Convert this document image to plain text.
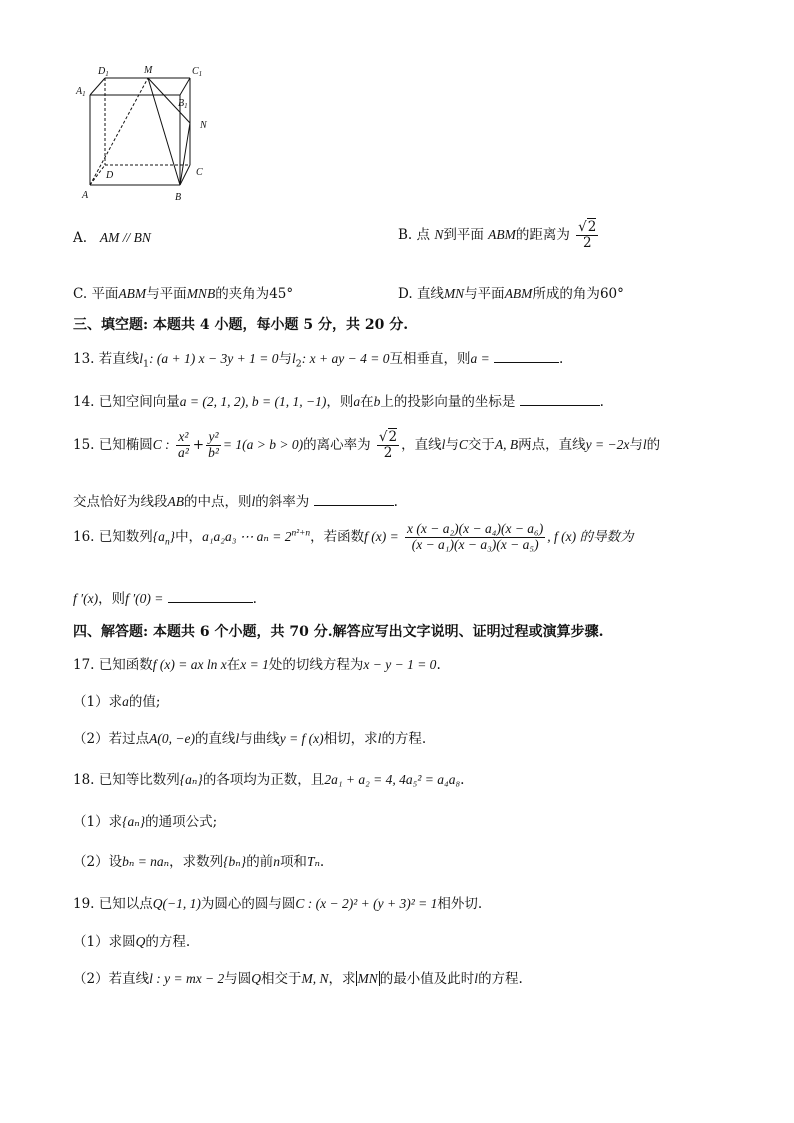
$D_1$	M	$C_1$
$A_1$
$B_1$
N
D	C
A	B
A. AM // BN	B. 点 N到平面 ABM的距离为 $\frac{√2}{2}$
C. 平面ABM与平面MNB的夹角为45°	D. 直线MN与平面ABM所成的角为60°
三、填空题: 本题共 4 小题，每小题 5 分，共 20 分.
13. 若直线$l_1$: (a + 1) x − 3y + 1 = 0与$l_2$: x + ay − 4 = 0互相垂直，则a =	.
14. 已知空间向量a = (2, 1, 2), b = (1, 1, −1)，则a在b上的投影向量的坐标是	.
15. 已知椭圆C : $\frac{\text{x²}}{\text{a²}} + \frac{\text{y²}}{\text{b²}} = 1(a > b > 0)$的离心率为 $\frac{√2}{2}$ ，直线l与C交于A, B两点，直线y = −2x与l的
交点恰好为线段AB的中点，则l的斜率为	.
16. 已知数列$\{a_n\}$中，a₁a₂a₃ ⋯ $a_n = 2^{n^2+n}$，若函数f $(x) = \frac{\text{x (x − a₂)(x − a₄)(x − a₆)}}{\text{(x − a₁)(x − a₃)(x − a₅)}}$ , f (x) 的导数为
f ′(x)，则f ′(0) =	.
四、解答题: 本题共 6 个小题，共 70 分.解答应写出文字说明、证明过程或演算步骤.
17. 已知函数f (x) = ax ln x在x = 1处的切线方程为x − y − 1 = 0.
（1）求a的值;
（2）若过点A(0, −e)的直线l与曲线y = f (x)相切，求l的方程.
18. 已知等比数列{aₙ}的各项均为正数，且2a₁ + a₂ = 4, 4a₅² = a₄a₈.
（1）求{aₙ}的通项公式;
（2）设bₙ = naₙ，求数列{bₙ}的前n项和Tₙ.
19. 已知以点Q(−1, 1)为圆心的圆与圆C : (x − 2)² + (y + 3)² = 1相外切.
（1）求圆Q的方程.
（2）若直线l : y = mx − 2与圆Q相交于M, N，求 MN 的最小值及此时l的方程.
